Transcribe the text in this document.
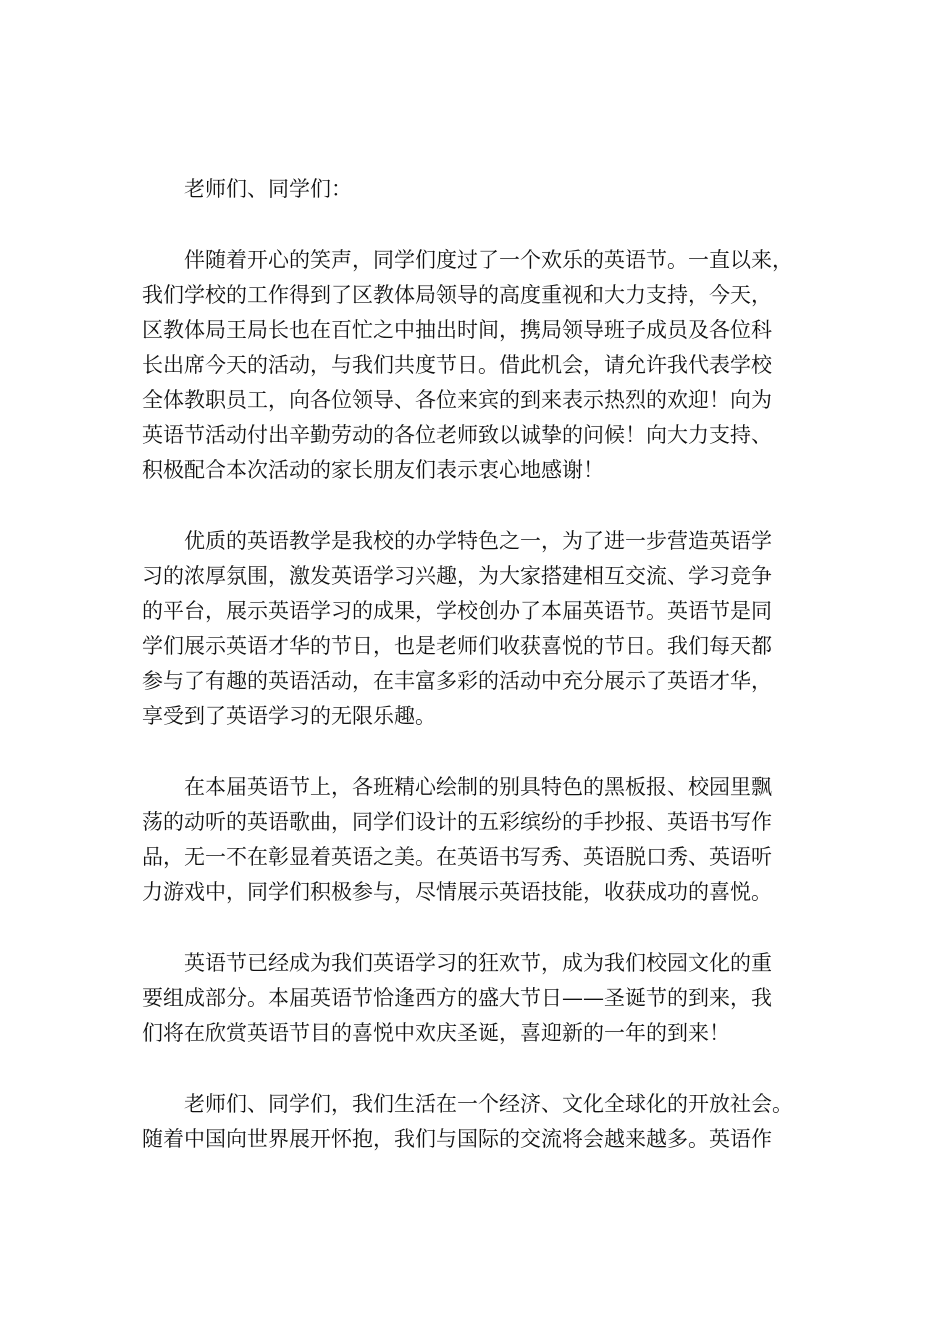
老师们、同学们：
伴随着开心的笑声，同学们度过了一个欢乐的英语节。一直以来，
我们学校的工作得到了区教体局领导的高度重视和大力支持，今天，
区教体局王局长也在百忙之中抽出时间，携局领导班子成员及各位科
长出席今天的活动，与我们共度节日。借此机会，请允许我代表学校
全体教职员工，向各位领导、各位来宾的到来表示热烈的欢迎！向为
英语节活动付出辛勤劳动的各位老师致以诚挚的问候！向大力支持、
积极配合本次活动的家长朋友们表示衷心地感谢！
优质的英语教学是我校的办学特色之一，为了进一步营造英语学
习的浓厚氛围，激发英语学习兴趣，为大家搭建相互交流、学习竞争
的平台，展示英语学习的成果，学校创办了本届英语节。英语节是同
学们展示英语才华的节日，也是老师们收获喜悦的节日。我们每天都
参与了有趣的英语活动，在丰富多彩的活动中充分展示了英语才华，
享受到了英语学习的无限乐趣。
在本届英语节上，各班精心绘制的别具特色的黑板报、校园里飘
荡的动听的英语歌曲，同学们设计的五彩缤纷的手抄报、英语书写作
品，无一不在彰显着英语之美。在英语书写秀、英语脱口秀、英语听
力游戏中，同学们积极参与，尽情展示英语技能，收获成功的喜悦。
英语节已经成为我们英语学习的狂欢节，成为我们校园文化的重
要组成部分。本届英语节恰逢西方的盛大节日——圣诞节的到来，我
们将在欣赏英语节目的喜悦中欢庆圣诞，喜迎新的一年的到来！
老师们、同学们，我们生活在一个经济、文化全球化的开放社会。
随着中国向世界展开怀抱，我们与国际的交流将会越来越多。英语作
